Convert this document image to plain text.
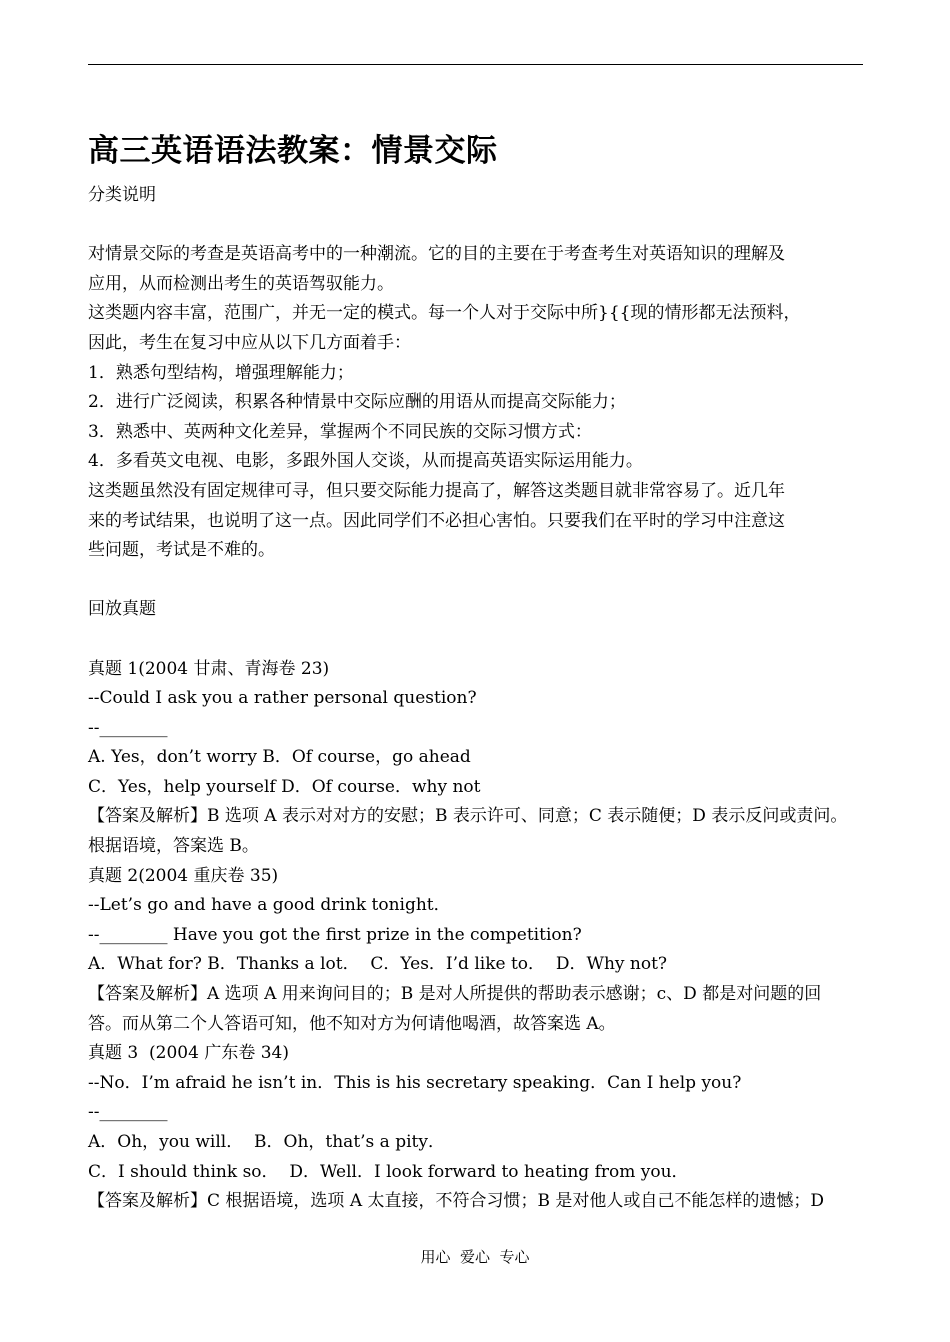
高三英语语法教案：情景交际

分类说明

对情景交际的考查是英语高考中的一种潮流。它的目的主要在于考查考生对英语知识的理解及

应用，从而检测出考生的英语驾驭能力。

这类题内容丰富，范围广，并无一定的模式。每一个人对于交际中所}{{现的情形都无法预料，

因此，考生在复习中应从以下几方面着手：

1．熟悉句型结构，增强理解能力；

2．进行广泛阅读，积累各种情景中交际应酬的用语从而提高交际能力；

3．熟悉中、英两种文化差异，掌握两个不同民族的交际习惯方式：

4．多看英文电视、电影，多跟外国人交谈，从而提高英语实际运用能力。

这类题虽然没有固定规律可寻，但只要交际能力提高了，解答这类题目就非常容易了。近几年

来的考试结果，也说明了这一点。因此同学们不必担心害怕。只要我们在平时的学习中注意这

些问题，考试是不难的。

回放真题

真题 1(2004 甘肃、青海卷 23)

--Could I ask you a rather personal question?

--________

A. Yes，don’t worry B．Of course，go ahead

C．Yes，help yourself D．Of course．why not

【答案及解析】B 选项 A 表示对对方的安慰；B 表示许可、同意；C 表示随便；D 表示反问或责问。

根据语境，答案选 B。

真题 2(2004 重庆卷 35)

--Let’s go and have a good drink tonight．

--________ Have you got the first prize in the competition?

A．What for? B．Thanks a lot．  C．Yes．I’d like to．  D．Why not?

【答案及解析】A 选项 A 用来询问目的；B 是对人所提供的帮助表示感谢；c、D 都是对问题的回

答。而从第二个人答语可知，他不知对方为何请他喝酒，故答案选 A。

真题 3  (2004 广东卷 34)

--No．I’m afraid he isn’t in．This is his secretary speaking．Can I help you?

--________

A．Oh，you will．  B．Oh，that’s a pity．

C．I should think so．  D．Well．I look forward to heating from you．

【答案及解析】C 根据语境，选项 A 太直接，不符合习惯；B 是对他人或自己不能怎样的遗憾；D

用心  爱心  专心
